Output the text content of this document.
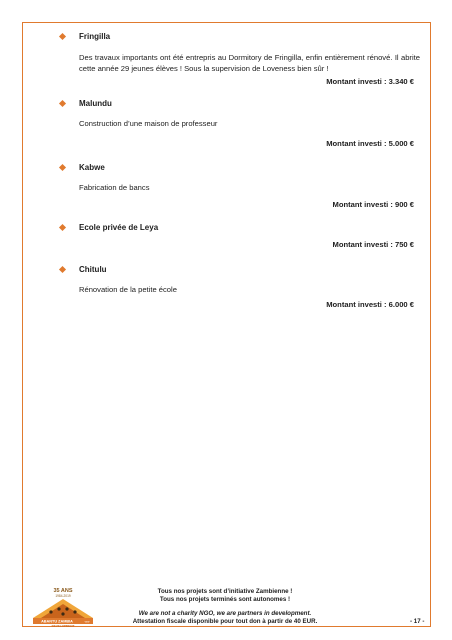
Fringilla
Des travaux importants ont été entrepris au Dormitory de Fringilla, enfin entièrement rénové. Il abrite cette année 29 jeunes élèves ! Sous la supervision de Loveness bien sûr !
Montant investi : 3.340 €
Malundu
Construction d’une maison de professeur
Montant investi : 5.000 €
Kabwe
Fabrication de bancs
Montant investi : 900 €
Ecole privée de Leya
Montant investi : 750 €
Chitulu
Rénovation de la petite école
Montant investi : 6.000 €
35 ANS
1984-2019
ABANTU ZAMBIA	vzw
DEVELOPMENT
Tous nos projets sont d’initiative Zambienne !
Tous nos projets terminés sont autonomes !
We are not a charity NGO, we are partners in development.
Attestation fiscale disponible pour tout don à partir de 40 EUR.	- 17 -
